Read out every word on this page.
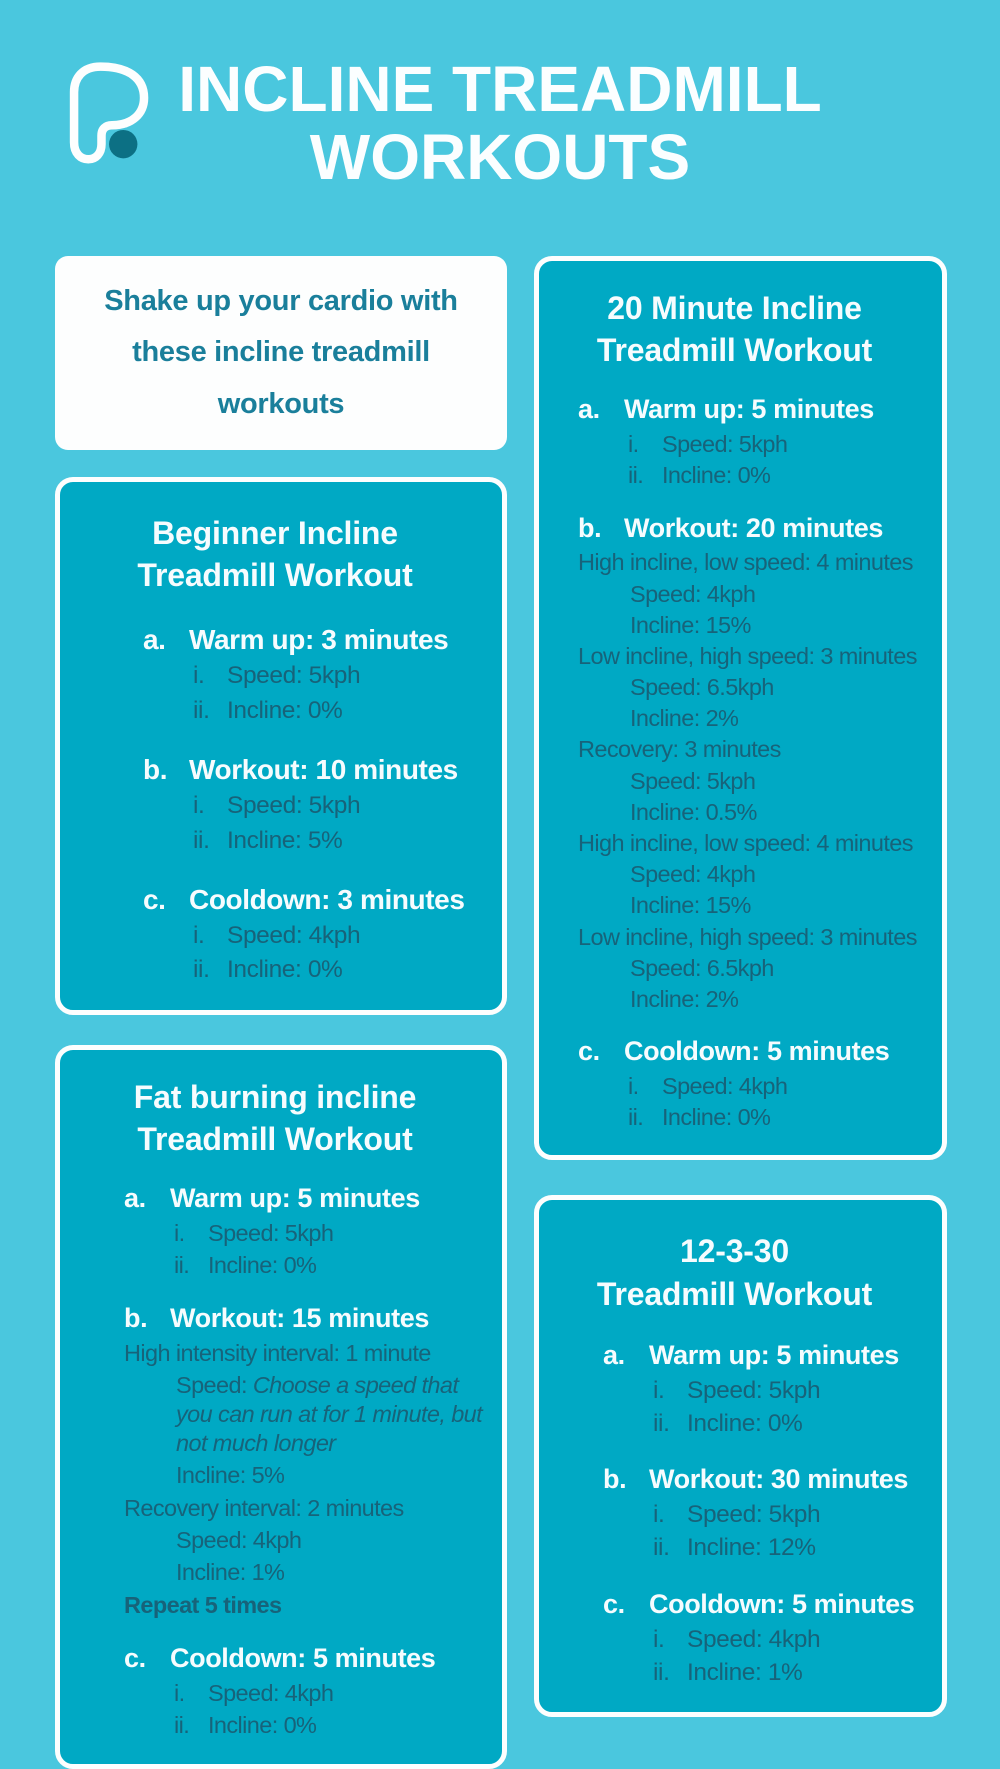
INCLINE TREADMILL
WORKOUTS
Shake up your cardio with these incline treadmill workouts
Beginner Incline
Treadmill Workout
a. Warm up: 3 minutes
i. Speed: 5kph
ii. Incline: 0%
b. Workout: 10 minutes
i. Speed: 5kph
ii. Incline: 5%
c. Cooldown: 3 minutes
i. Speed: 4kph
ii. Incline: 0%
Fat burning incline
Treadmill Workout
a. Warm up: 5 minutes
i. Speed: 5kph
ii. Incline: 0%
b. Workout: 15 minutes
High intensity interval: 1 minute
Speed: Choose a speed that you can run at for 1 minute, but not much longer
Incline: 5%
Recovery interval: 2 minutes
Speed: 4kph
Incline: 1%
Repeat 5 times
c. Cooldown: 5 minutes
i. Speed: 4kph
ii. Incline: 0%
20 Minute Incline
Treadmill Workout
a. Warm up: 5 minutes
i. Speed: 5kph
ii. Incline: 0%
b. Workout: 20 minutes
High incline, low speed: 4 minutes
Speed: 4kph
Incline: 15%
Low incline, high speed: 3 minutes
Speed: 6.5kph
Incline: 2%
Recovery: 3 minutes
Speed: 5kph
Incline: 0.5%
High incline, low speed: 4 minutes
Speed: 4kph
Incline: 15%
Low incline, high speed: 3 minutes
Speed: 6.5kph
Incline: 2%
c. Cooldown: 5 minutes
i. Speed: 4kph
ii. Incline: 0%
12-3-30
Treadmill Workout
a. Warm up: 5 minutes
i. Speed: 5kph
ii. Incline: 0%
b. Workout: 30 minutes
i. Speed: 5kph
ii. Incline: 12%
c. Cooldown: 5 minutes
i. Speed: 4kph
ii. Incline: 1%
